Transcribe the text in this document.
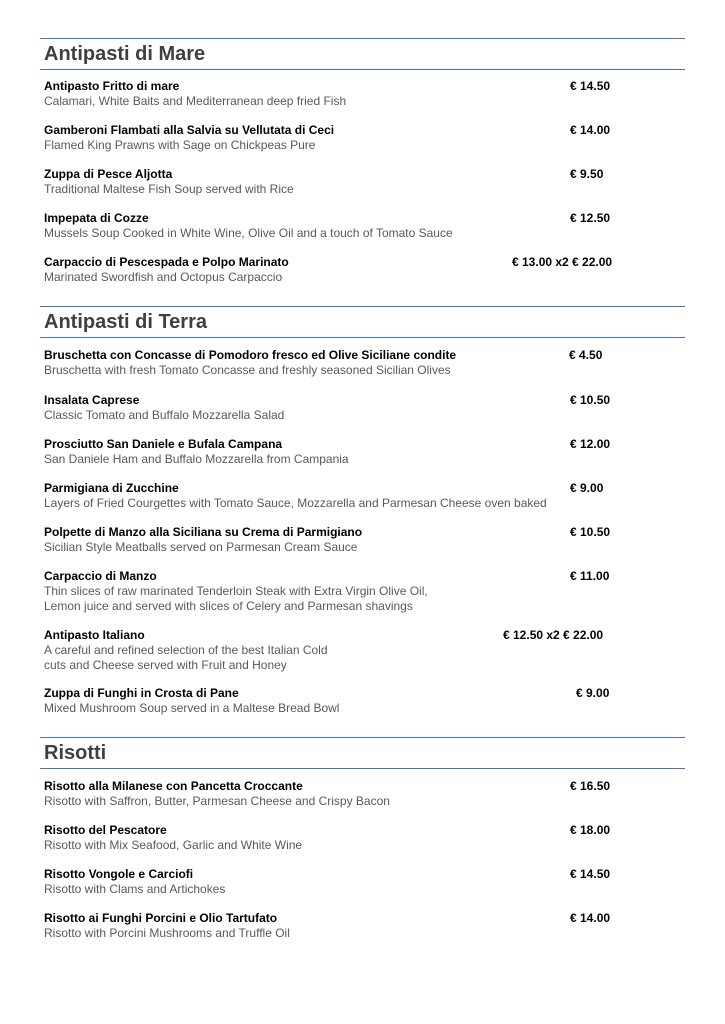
Antipasti di Mare
Antipasto Fritto di mare
Calamari, White Baits and Mediterranean deep fried Fish
€ 14.50
Gamberoni Flambati alla Salvia su Vellutata di Ceci
Flamed King Prawns with Sage on Chickpeas Pure
€ 14.00
Zuppa di Pesce Aljotta
Traditional Maltese Fish Soup served with Rice
€ 9.50
Impepata di Cozze
Mussels Soup Cooked in White Wine, Olive Oil and a touch of Tomato Sauce
€ 12.50
Carpaccio di Pescespada e Polpo Marinato
Marinated Swordfish and Octopus Carpaccio
€ 13.00 x2 € 22.00
Antipasti di Terra
Bruschetta con Concasse di Pomodoro fresco ed Olive Siciliane condite
Bruschetta with fresh Tomato Concasse and freshly seasoned Sicilian Olives
€ 4.50
Insalata Caprese
Classic Tomato and Buffalo Mozzarella Salad
€ 10.50
Prosciutto San Daniele e Bufala Campana
San Daniele Ham and Buffalo Mozzarella from Campania
€ 12.00
Parmigiana di Zucchine
Layers of Fried Courgettes with Tomato Sauce, Mozzarella and Parmesan Cheese oven baked
€ 9.00
Polpette di Manzo alla Siciliana su Crema di Parmigiano
Sicilian Style Meatballs served on Parmesan Cream Sauce
€ 10.50
Carpaccio di Manzo
Thin slices of raw marinated Tenderloin Steak with Extra Virgin Olive Oil,
Lemon juice and served with slices of Celery and Parmesan shavings
€ 11.00
Antipasto Italiano
A careful and refined selection of the best Italian Cold
cuts and Cheese served with Fruit and Honey
€ 12.50 x2 € 22.00
Zuppa di Funghi in Crosta di Pane
Mixed Mushroom Soup served in a Maltese Bread Bowl
€ 9.00
Risotti
Risotto alla Milanese con Pancetta Croccante
Risotto with Saffron, Butter, Parmesan Cheese and Crispy Bacon
€ 16.50
Risotto del Pescatore
Risotto with Mix Seafood, Garlic and White Wine
€ 18.00
Risotto Vongole e Carciofi
Risotto with Clams and Artichokes
€ 14.50
Risotto ai Funghi Porcini e Olio Tartufato
Risotto with Porcini Mushrooms and Truffle Oil
€ 14.00
